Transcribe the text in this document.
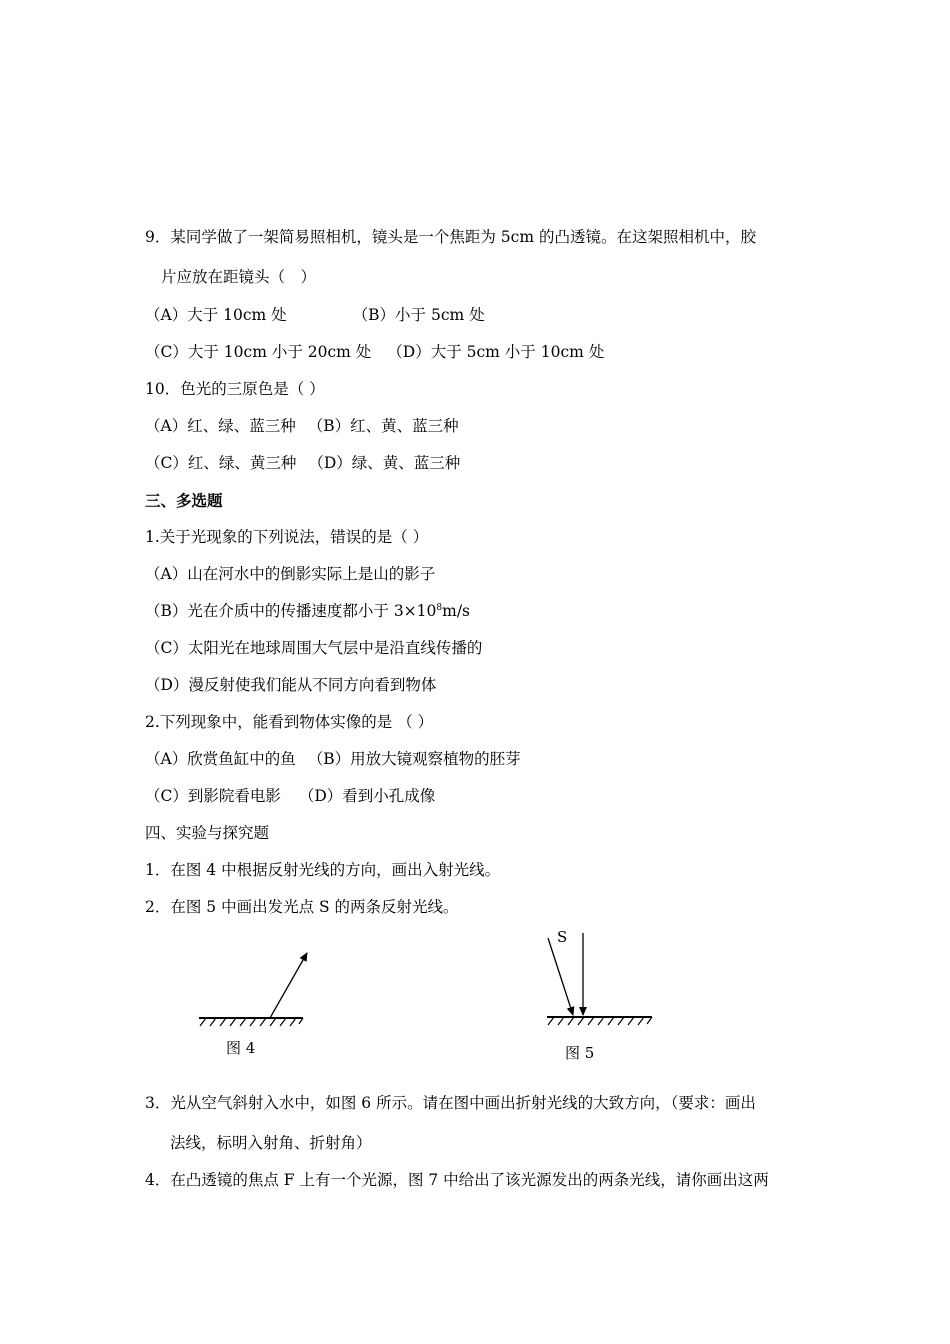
9．某同学做了一架简易照相机，镜头是一个焦距为 5cm 的凸透镜。在这架照相机中，胶
片应放在距镜头（　）
（A）大于 10cm 处	（B）小于 5cm 处
（C）大于 10cm 小于 20cm 处 （D）大于 5cm 小于 10cm 处
10．色光的三原色是（ ）
（A）红、绿、蓝三种 （B）红、黄、蓝三种
（C）红、绿、黄三种 （D）绿、黄、蓝三种
三、多选题
1.关于光现象的下列说法，错误的是（ ）
（A）山在河水中的倒影实际上是山的影子
（B）光在介质中的传播速度都小于 $3\times 10^8m/s$
（C）太阳光在地球周围大气层中是沿直线传播的
（D）漫反射使我们能从不同方向看到物体
2.下列现象中，能看到物体实像的是 （ ）
（A）欣赏鱼缸中的鱼 （B）用放大镜观察植物的胚芽
（C）到影院看电影 （D）看到小孔成像
四、实验与探究题
1．在图 4 中根据反射光线的方向，画出入射光线。
2．在图 5 中画出发光点 S 的两条反射光线。
图 4
S
图 5
3．光从空气斜射入水中，如图 6 所示。请在图中画出折射光线的大致方向，（要求：画出
法线，标明入射角、折射角）
4．在凸透镜的焦点 F 上有一个光源，图 7 中给出了该光源发出的两条光线，请你画出这两
